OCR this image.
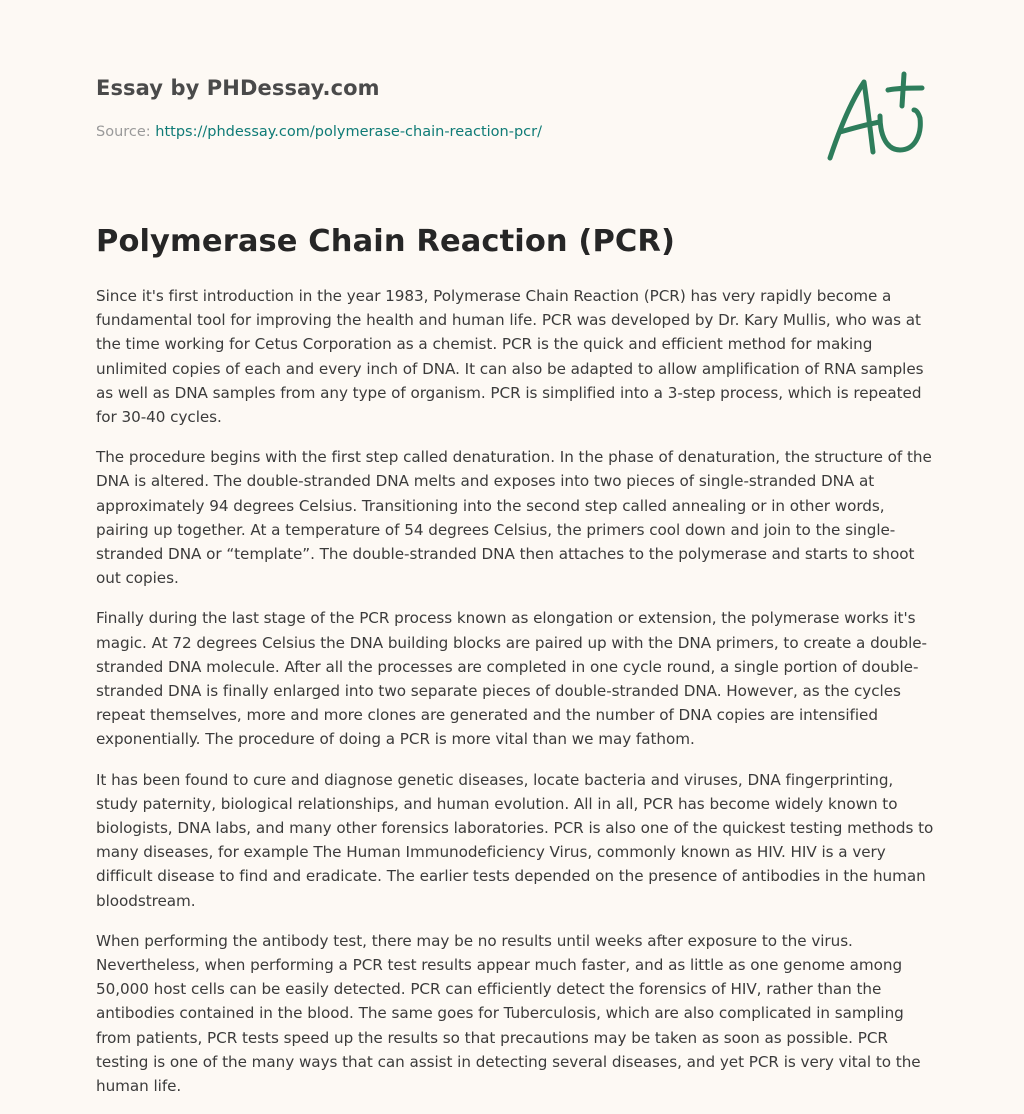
Essay by PHDessay.com

Source: https://phdessay.com/polymerase-chain-reaction-pcr/

Polymerase Chain Reaction (PCR)

Since it's first introduction in the year 1983, Polymerase Chain Reaction (PCR) has very rapidly become a fundamental tool for improving the health and human life. PCR was developed by Dr. Kary Mullis, who was at the time working for Cetus Corporation as a chemist. PCR is the quick and efficient method for making unlimited copies of each and every inch of DNA. It can also be adapted to allow amplification of RNA samples as well as DNA samples from any type of organism. PCR is simplified into a 3-step process, which is repeated for 30-40 cycles.

The procedure begins with the first step called denaturation. In the phase of denaturation, the structure of the DNA is altered. The double-stranded DNA melts and exposes into two pieces of single-stranded DNA at approximately 94 degrees Celsius. Transitioning into the second step called annealing or in other words, pairing up together. At a temperature of 54 degrees Celsius, the primers cool down and join to the single-stranded DNA or “template”. The double-stranded DNA then attaches to the polymerase and starts to shoot out copies.

Finally during the last stage of the PCR process known as elongation or extension, the polymerase works it's magic. At 72 degrees Celsius the DNA building blocks are paired up with the DNA primers, to create a double-stranded DNA molecule. After all the processes are completed in one cycle round, a single portion of double-stranded DNA is finally enlarged into two separate pieces of double-stranded DNA. However, as the cycles repeat themselves, more and more clones are generated and the number of DNA copies are intensified exponentially. The procedure of doing a PCR is more vital than we may fathom.

It has been found to cure and diagnose genetic diseases, locate bacteria and viruses, DNA fingerprinting, study paternity, biological relationships, and human evolution. All in all, PCR has become widely known to biologists, DNA labs, and many other forensics laboratories. PCR is also one of the quickest testing methods to many diseases, for example The Human Immunodeficiency Virus, commonly known as HIV. HIV is a very difficult disease to find and eradicate. The earlier tests depended on the presence of antibodies in the human bloodstream.

When performing the antibody test, there may be no results until weeks after exposure to the virus. Nevertheless, when performing a PCR test results appear much faster, and as little as one genome among 50,000 host cells can be easily detected. PCR can efficiently detect the forensics of HIV, rather than the antibodies contained in the blood. The same goes for Tuberculosis, which are also complicated in sampling from patients, PCR tests speed up the results so that precautions may be taken as soon as possible. PCR testing is one of the many ways that can assist in detecting several diseases, and yet PCR is very vital to the human life.
